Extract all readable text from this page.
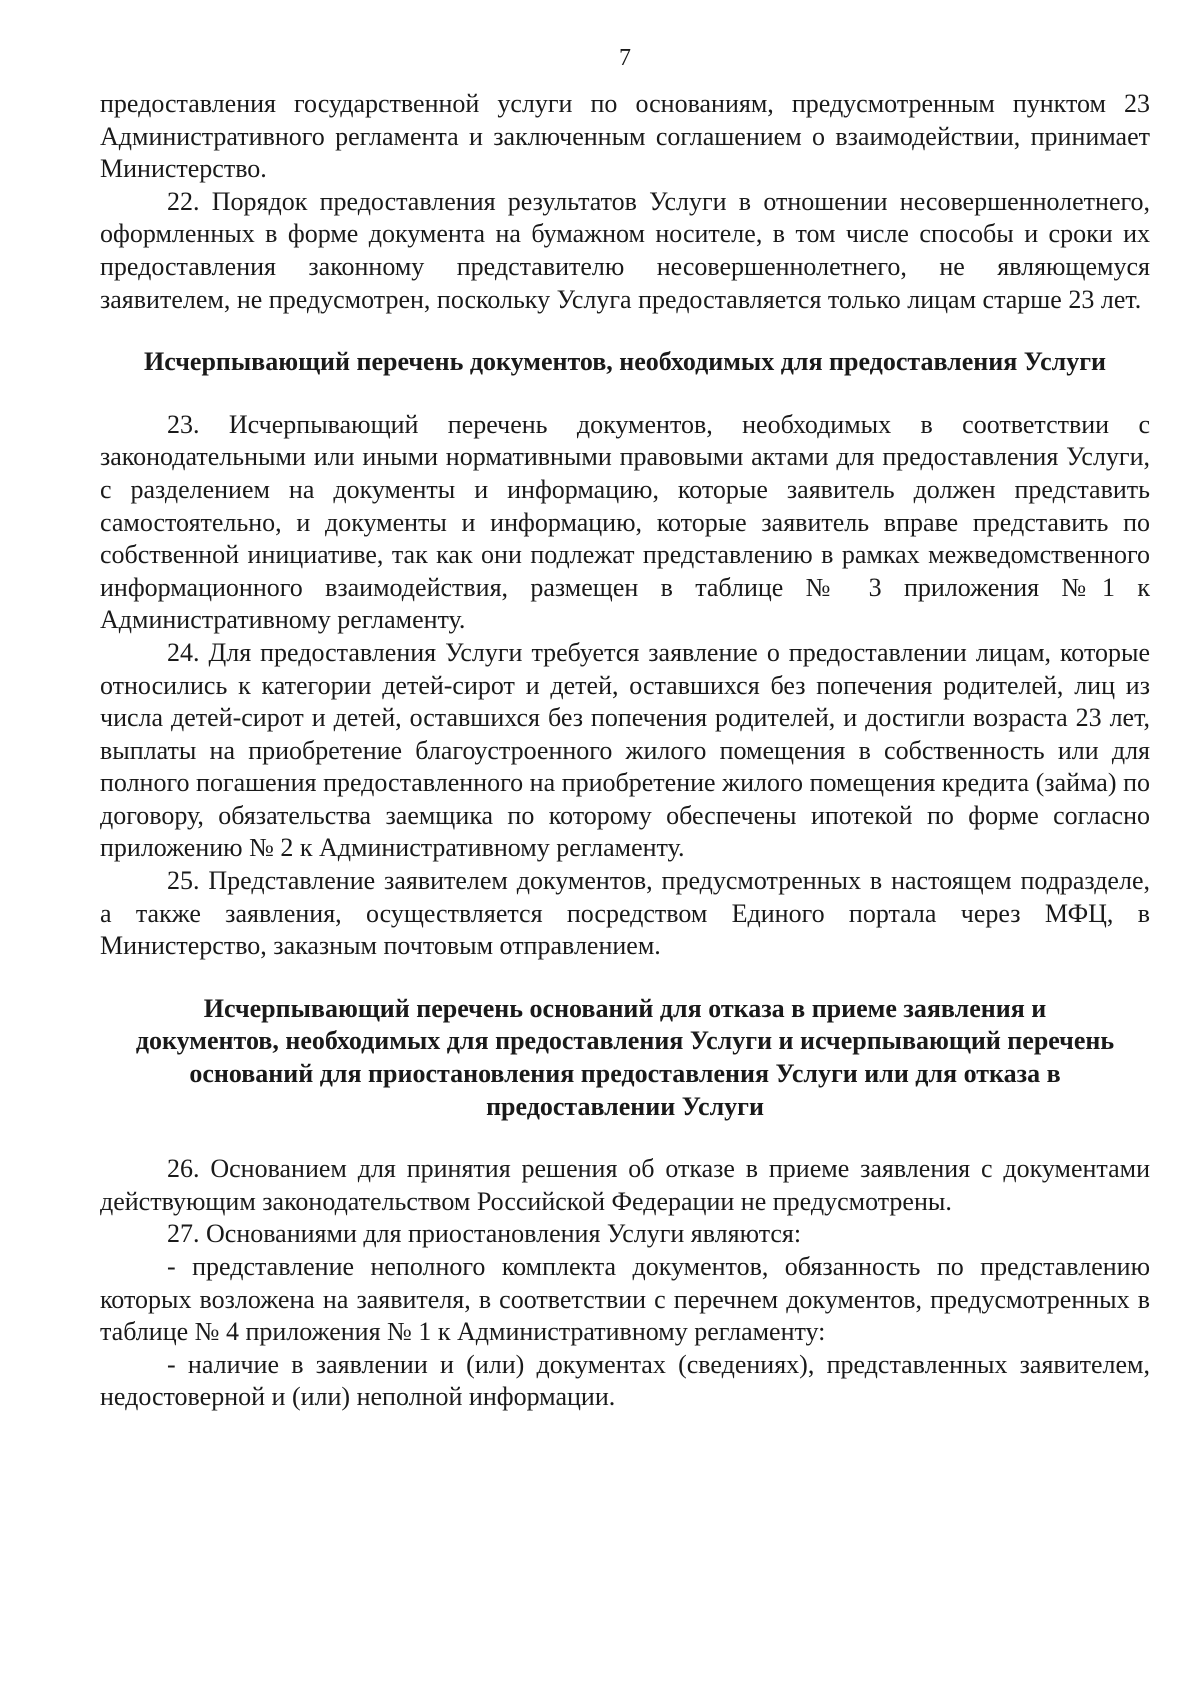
7

предоставления государственной услуги по основаниям, предусмотренным пунктом 23 Административного регламента и заключенным соглашением о взаимодействии, принимает Министерство.

22. Порядок предоставления результатов Услуги в отношении несовершеннолетнего, оформленных в форме документа на бумажном носителе, в том числе способы и сроки их предоставления законному представителю несовершеннолетнего, не являющемуся заявителем, не предусмотрен, поскольку Услуга предоставляется только лицам старше 23 лет.

Исчерпывающий перечень документов, необходимых для предоставления Услуги

23. Исчерпывающий перечень документов, необходимых в соответствии с законодательными или иными нормативными правовыми актами для предоставления Услуги, с разделением на документы и информацию, которые заявитель должен представить самостоятельно, и документы и информацию, которые заявитель вправе представить по собственной инициативе, так как они подлежат представлению в рамках межведомственного информационного взаимодействия, размещен в таблице № 3 приложения №1 к Административному регламенту.

24. Для предоставления Услуги требуется заявление о предоставлении лицам, которые относились к категории детей-сирот и детей, оставшихся без попечения родителей, лиц из числа детей-сирот и детей, оставшихся без попечения родителей, и достигли возраста 23 лет, выплаты на приобретение благоустроенного жилого помещения в собственность или для полного погашения предоставленного на приобретение жилого помещения кредита (займа) по договору, обязательства заемщика по которому обеспечены ипотекой по форме согласно приложению № 2 к Административному регламенту.

25. Представление заявителем документов, предусмотренных в настоящем подразделе, а также заявления, осуществляется посредством Единого портала через МФЦ, в Министерство, заказным почтовым отправлением.

Исчерпывающий перечень оснований для отказа в приеме заявления и документов, необходимых для предоставления Услуги и исчерпывающий перечень оснований для приостановления предоставления Услуги или для отказа в предоставлении Услуги

26. Основанием для принятия решения об отказе в приеме заявления с документами действующим законодательством Российской Федерации не предусмотрены.

27. Основаниями для приостановления Услуги являются:

- представление неполного комплекта документов, обязанность по представлению которых возложена на заявителя, в соответствии с перечнем документов, предусмотренных в таблице № 4 приложения № 1 к Административному регламенту:

- наличие в заявлении и (или) документах (сведениях), представленных заявителем, недостоверной и (или) неполной информации.
